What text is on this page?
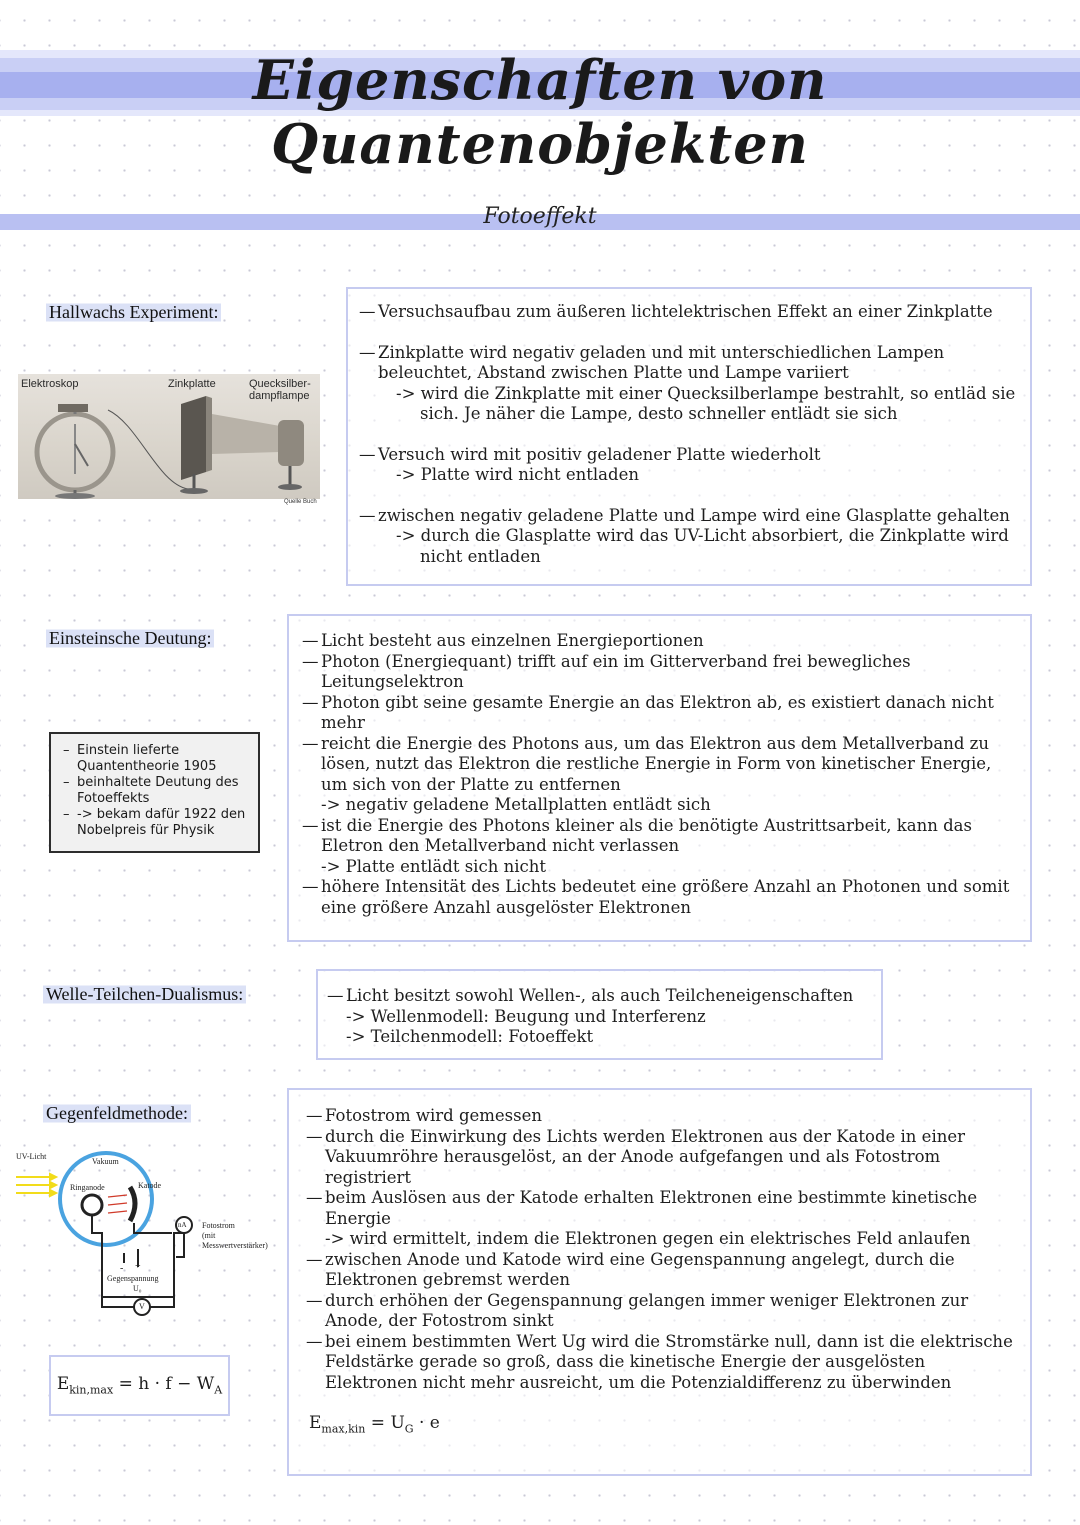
Eigenschaften von Quantenobjekten
Fotoeffekt
Hallwachs Experiment:
Elektroskop	Zinkplatte	Quecksilber-
dampflampe
Quelle Buch
— Versuchsaufbau zum äußeren lichtelektrischen Effekt an einer Zinkplatte
— Zinkplatte wird negativ geladen und mit unterschiedlichen Lampen beleuchtet, Abstand zwischen Platte und Lampe variiert
-> wird die Zinkplatte mit einer Quecksilberlampe bestrahlt, so entläd sie
sich. Je näher die Lampe, desto schneller entlädt sie sich
— Versuch wird mit positiv geladener Platte wiederholt
-> Platte wird nicht entladen
— zwischen negativ geladene Platte und Lampe wird eine Glasplatte gehalten
-> durch die Glasplatte wird das UV-Licht absorbiert, die Zinkplatte wird
nicht entladen
Einsteinsche Deutung:
– Einstein lieferte Quantentheorie 1905
– beinhaltete Deutung des Fotoeffekts
– -> bekam dafür 1922 den Nobelpreis für Physik
— Licht besteht aus einzelnen Energieportionen
— Photon (Energiequant) trifft auf ein im Gitterverband frei bewegliches Leitungselektron
— Photon gibt seine gesamte Energie an das Elektron ab, es existiert danach nicht mehr
— reicht die Energie des Photons aus, um das Elektron aus dem Metallverband zu lösen, nutzt das Elektron die restliche Energie in Form von kinetischer Energie, um sich von der Platte zu entfernen
-> negativ geladene Metallplatten entlädt sich
— ist die Energie des Photons kleiner als die benötigte Austrittsarbeit, kann das Eletron den Metallverband nicht verlassen
-> Platte entlädt sich nicht
— höhere Intensität des Lichts bedeutet eine größere Anzahl an Photonen und somit eine größere Anzahl ausgelöster Elektronen
Welle-Teilchen-Dualismus:
—	Licht besitzt sowohl Wellen-, als auch Teilcheneigenschaften
-> Wellenmodell: Beugung und Interferenz
-> Teilchenmodell: Fotoeffekt
Gegenfeldmethode:
UV-Licht
Vakuum
Ringanode	Katode
nA Fotostrom
(mit
Messwertverstärker)
- +
Gegenspannung
U₀
V
$E_{kin,max} = h \cdot f - W_A$
— Fotostrom wird gemessen
— durch die Einwirkung des Lichts werden Elektronen aus der Katode in einer Vakuumröhre herausgelöst, an der Anode aufgefangen und als Fotostrom registriert
— beim Auslösen aus der Katode erhalten Elektronen eine bestimmte kinetische Energie
-> wird ermittelt, indem die Elektronen gegen ein elektrisches Feld anlaufen
— zwischen Anode und Katode wird eine Gegenspannung angelegt, durch die Elektronen gebremst werden
— durch erhöhen der Gegenspannung gelangen immer weniger Elektronen zur Anode, der Fotostrom sinkt
— bei einem bestimmten Wert Ug wird die Stromstärke null, dann ist die elektrische Feldstärke gerade so groß, dass die kinetische Energie der ausgelösten Elektronen nicht mehr ausreicht, um die Potenzialdifferenz zu überwinden
$E_{max,kin} = U_G \cdot e$
